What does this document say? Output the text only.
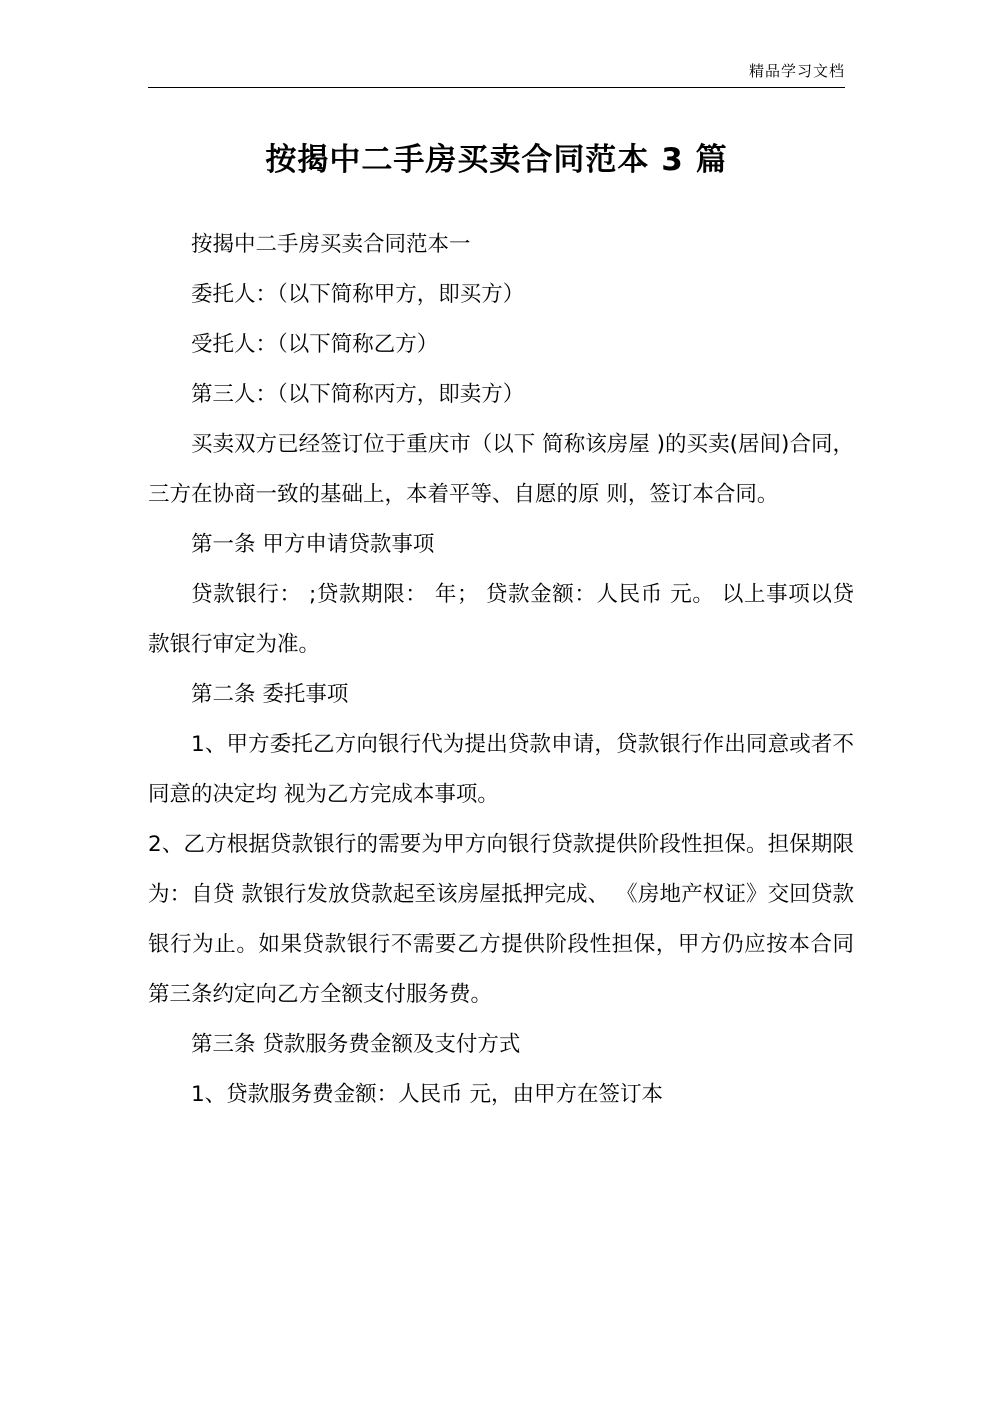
精品学习文档
按揭中二手房买卖合同范本 3 篇

按揭中二手房买卖合同范本一

委托人：（以下简称甲方，即买方）

受托人：（以下简称乙方）

第三人：（以下简称丙方，即卖方）

买卖双方已经签订位于重庆市（以下 简称该房屋 )的买卖(居间)合同，三方在协商一致的基础上，本着平等、自愿的原 则，签订本合同。

第一条 甲方申请贷款事项

贷款银行： ;贷款期限： 年； 贷款金额：人民币 元。 以上事项以贷款银行审定为准。

第二条 委托事项

1、甲方委托乙方向银行代为提出贷款申请，贷款银行作出同意或者不同意的决定均 视为乙方完成本事项。

2、乙方根据贷款银行的需要为甲方向银行贷款提供阶段性担保。担保期限为：自贷 款银行发放贷款起至该房屋抵押完成、 《房地产权证》交回贷款银行为止。如果贷款银行不需要乙方提供阶段性担保，甲方仍应按本合同第三条约定向乙方全额支付服务费。

第三条 贷款服务费金额及支付方式

1、贷款服务费金额：人民币 元，由甲方在签订本
